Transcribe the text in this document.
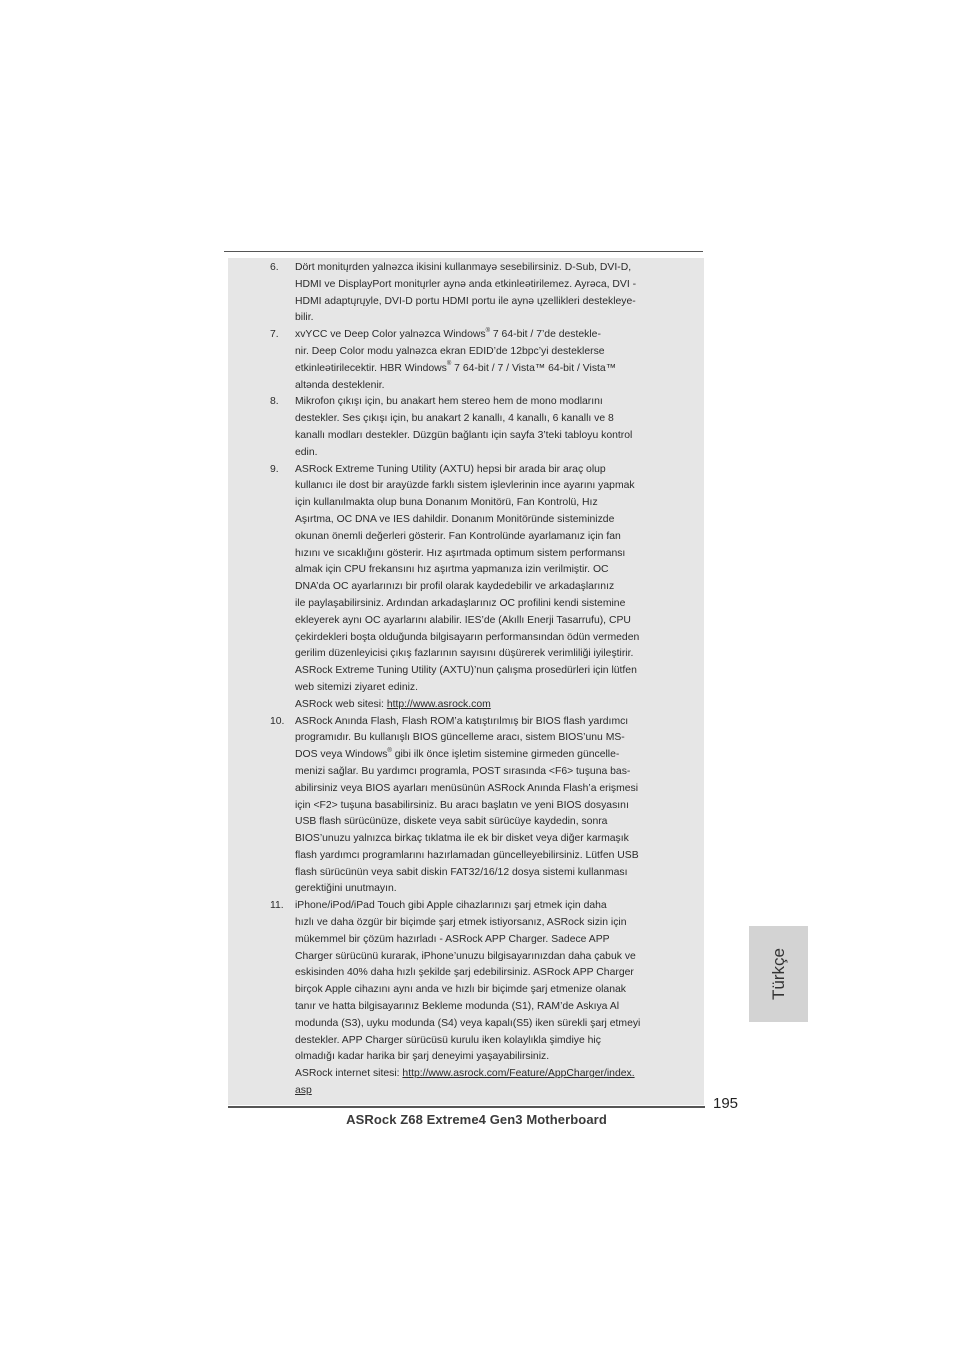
6. Dört monitųrden yalnəzca ikisini kullanmayə sesebilirsiniz. D-Sub, DVI-D,

HDMI ve DisplayPort monitųrler aynə anda etkinleətirilemez. Ayrəca, DVI -

HDMI adaptųrųyle, DVI-D portu HDMI portu ile aynə ųzellikleri destekleye-

bilir.

7. xvYCC ve Deep Color yalnəzca Windows® 7 64-bit / 7’de destekle-

nir. Deep Color modu yalnəzca ekran EDID’de 12bpc’yi desteklerse

etkinleətirilecektir. HBR Windows® 7 64-bit / 7 / Vista™ 64-bit / Vista™

altənda desteklenir.

8. Mikrofon çıkışı için, bu anakart hem stereo hem de mono modlarını

destekler. Ses çıkışı için, bu anakart 2 kanallı, 4 kanallı, 6 kanallı ve 8

kanallı modları destekler. Düzgün bağlantı için sayfa 3’teki tabloyu kontrol

edin.

9. ASRock Extreme Tuning Utility (AXTU) hepsi bir arada bir araç olup

kullanıcı ile dost bir arayüzde farklı sistem işlevlerinin ince ayarını yapmak

için kullanılmakta olup buna Donanım Monitörü, Fan Kontrolü, Hız

Aşırtma, OC DNA ve IES dahildir. Donanım Monitöründe sisteminizde

okunan önemli değerleri gösterir. Fan Kontrolünde ayarlamanız için fan

hızını ve sıcaklığını gösterir. Hız aşırtmada optimum sistem performansı

almak için CPU frekansını hız aşırtma yapmanıza izin verilmiştir. OC

DNA’da OC ayarlarınızı bir profil olarak kaydedebilir ve arkadaşlarınız

ile paylaşabilirsiniz. Ardından arkadaşlarınız OC profilini kendi sistemine

ekleyerek aynı OC ayarlarını alabilir. IES’de (Akıllı Enerji Tasarrufu), CPU

çekirdekleri boşta olduğunda bilgisayarın performansından ödün vermeden

gerilim düzenleyicisi çıkış fazlarının sayısını düşürerek verimliliği iyileştirir.

ASRock Extreme Tuning Utility (AXTU)’nun çalışma prosedürleri için lütfen

web sitemizi ziyaret ediniz.

ASRock web sitesi: http://www.asrock.com

10. ASRock Anında Flash, Flash ROM’a katıştırılmış bir BIOS flash yardımcı

programıdır. Bu kullanışlı BIOS güncelleme aracı, sistem BIOS’unu MS-

DOS veya Windows® gibi ilk önce işletim sistemine girmeden güncelle-

menizi sağlar. Bu yardımcı programla, POST sırasında <F6> tuşuna bas-

abilirsiniz veya BIOS ayarları menüsünün ASRock Anında Flash’a erişmesi

için <F2> tuşuna basabilirsiniz. Bu aracı başlatın ve yeni BIOS dosyasını

USB flash sürücünüze, diskete veya sabit sürücüye kaydedin, sonra

BIOS’unuzu yalnızca birkaç tıklatma ile ek bir disket veya diğer karmaşık

flash yardımcı programlarını hazırlamadan güncelleyebilirsiniz. Lütfen USB

flash sürücünün veya sabit diskin FAT32/16/12 dosya sistemi kullanması

gerektiğini unutmayın.

11. iPhone/iPod/iPad Touch gibi Apple cihazlarınızı şarj etmek için daha

hızlı ve daha özgür bir biçimde şarj etmek istiyorsanız, ASRock sizin için

mükemmel bir çözüm hazırladı - ASRock APP Charger. Sadece APP

Charger sürücünü kurarak, iPhone’unuzu bilgisayarınızdan daha çabuk ve

eskisinden 40% daha hızlı şekilde şarj edebilirsiniz. ASRock APP Charger

birçok Apple cihazını aynı anda ve hızlı bir biçimde şarj etmenize olanak

tanır ve hatta bilgisayarınız Bekleme modunda (S1), RAM’de Askıya Al

modunda (S3), uyku modunda (S4) veya kapalı(S5) iken sürekli şarj etmeyi

destekler. APP Charger sürücüsü kurulu iken kolaylıkla şimdiye hiç

olmadığı kadar harika bir şarj deneyimi yaşayabilirsiniz.

ASRock internet sitesi: http://www.asrock.com/Feature/AppCharger/index.

asp

195
ASRock Z68 Extreme4 Gen3 Motherboard
Türkçe
